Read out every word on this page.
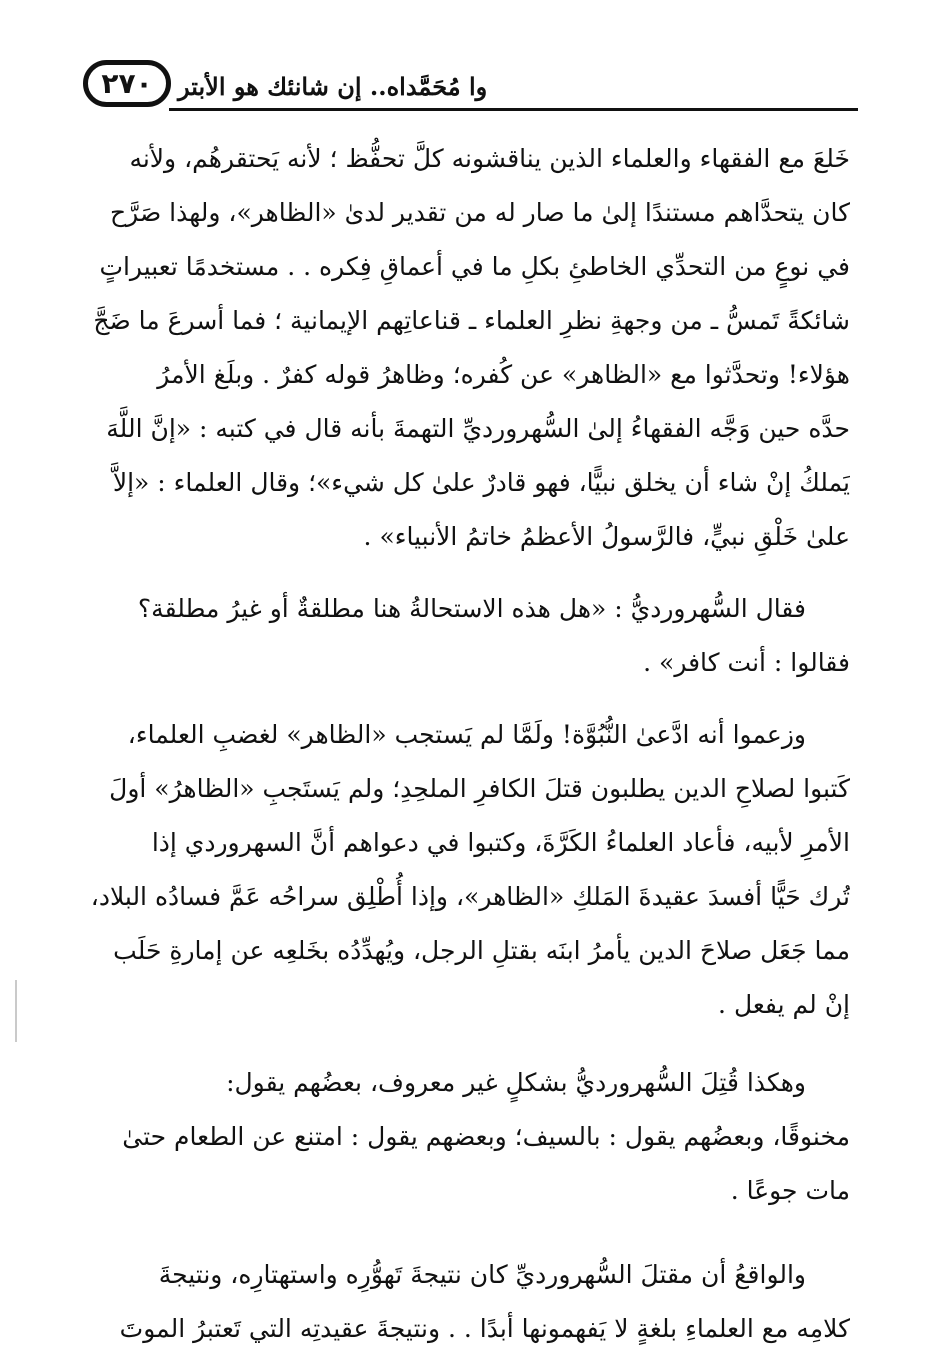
٢٧٠	وا مُحَمَّداه.. إن شانئك هو الأبتر
خَلعَ مع الفقهاء والعلماء الذين يناقشونه كلَّ تحفُّظ ؛ لأنه يَحتقرهُم، ولأنه
كان يتحدَّاهم مستندًا إلىٰ ما صار له من تقدير لدىٰ «الظاهر»، ولهذا صَرَّح
في نوعٍ من التحدِّي الخاطئِ بكلِ ما في أعماقِ فِكره . . مستخدمًا تعبيراتٍ
شائكةً تَمسُّ ـ من وجهةِ نظرِ العلماء ـ قناعاتِهم الإيمانية ؛ فما أسرعَ ما ضَجَّ
هؤلاء! وتحدَّثوا مع «الظاهر» عن كُفره؛ وظاهرُ قوله كفرٌ . وبلَغ الأمرُ
حدَّه حين وَجَّه الفقهاءُ إلىٰ السُّهرورديِّ التهمةَ بأنه قال في كتبه : «إنَّ اللَّهَ
يَملكُ إنْ شاء أن يخلق نبيًّا، فهو قادرٌ علىٰ كل شيء»؛ وقال العلماء : «إلاَّ
علىٰ خَلْقِ نبيٍّ، فالرَّسولُ الأعظمُ خاتمُ الأنبياء» .
فقال السُّهرورديُّ : «هل هذه الاستحالةُ هنا مطلقةٌ أو غيرُ مطلقة؟
فقالوا : أنت كافر» .
وزعموا أنه ادَّعىٰ النُّبُوَّة! ولَمَّا لم يَستجب «الظاهر» لغضبِ العلماء،
كَتبوا لصلاحِ الدين يطلبون قتلَ الكافرِ الملحِدِ؛ ولم يَستَجبِ «الظاهرُ» أولَ
الأمرِ لأبيه، فأعاد العلماءُ الكَرَّةَ، وكتبوا في دعواهم أنَّ السهروردي إذا
تُرك حَيًّا أفسدَ عقيدةَ المَلكِ «الظاهر»، وإذا أُطْلِق سراحُه عَمَّ فسادُه البلاد،
مما جَعَل صلاحَ الدين يأمرُ ابنَه بقتلِ الرجل، ويُهدِّدُه بخَلعِه عن إمارةِ حَلَب
إنْ لم يفعل .
وهكذا قُتِلَ السُّهرورديُّ بشكلٍ غير معروف، بعضُهم يقول:
مخنوقًا، وبعضُهم يقول : بالسيف؛ وبعضهم يقول : امتنع عن الطعام حتىٰ
مات جوعًا .
والواقعُ أن مقتلَ السُّهرورديِّ كان نتيجةَ تَهوُّرِه واستهتارِه، ونتيجةَ
كلامِه مع العلماءِ بلغةٍ لا يَفهمونها أبدًا . . ونتيجةَ عقيدتِه التي تَعتبرُ الموتَ
